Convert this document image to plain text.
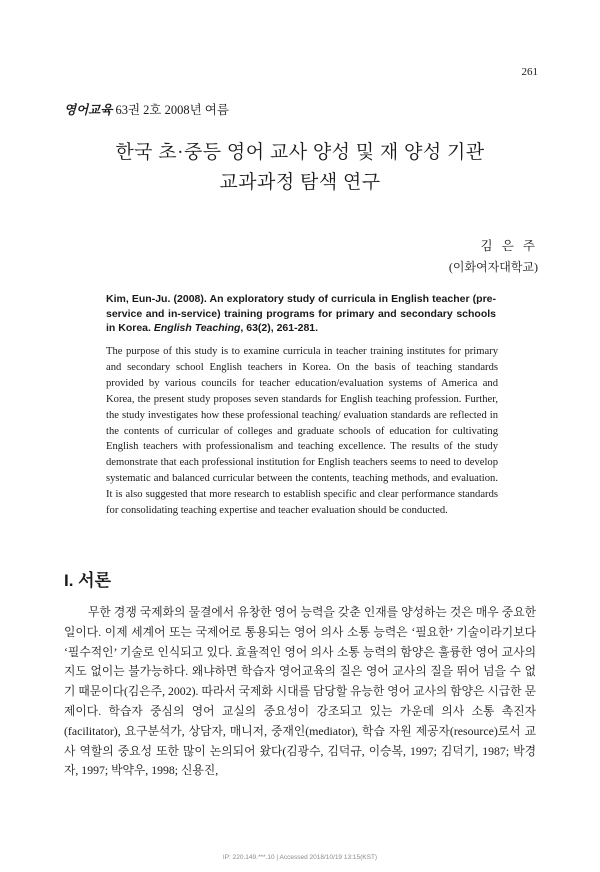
261
영어교육 63권 2호 2008년 여름
한국 초·중등 영어 교사 양성 및 재 양성 기관
교과과정 탐색 연구
김 은 주
(이화여자대학교)
Kim, Eun-Ju. (2008). An exploratory study of curricula in English teacher (pre-service and in-service) training programs for primary and secondary schools in Korea. English Teaching, 63(2), 261-281.
The purpose of this study is to examine curricula in teacher training institutes for primary and secondary school English teachers in Korea. On the basis of teaching standards provided by various councils for teacher education/evaluation systems of America and Korea, the present study proposes seven standards for English teaching profession. Further, the study investigates how these professional teaching/ evaluation standards are reflected in the contents of curricular of colleges and graduate schools of education for cultivating English teachers with professionalism and teaching excellence. The results of the study demonstrate that each professional institution for English teachers seems to need to develop systematic and balanced curricular between the contents, teaching methods, and evaluation. It is also suggested that more research to establish specific and clear performance standards for consolidating teaching expertise and teacher evaluation should be conducted.
I. 서론
무한 경쟁 국제화의 물결에서 유창한 영어 능력을 갖춘 인재를 양성하는 것은 매우 중요한 일이다. 이제 세계어 또는 국제어로 통용되는 영어 의사 소통 능력은 ‘필요한’ 기술이라기보다 ‘필수적인’ 기술로 인식되고 있다. 효율적인 영어 의사 소통 능력의 함양은 훌륭한 영어 교사의 지도 없이는 불가능하다. 왜냐하면 학습자 영어교육의 질은 영어 교사의 질을 뛰어 넘을 수 없기 때문이다(김은주, 2002). 따라서 국제화 시대를 담당할 유능한 영어 교사의 함양은 시급한 문제이다. 학습자 중심의 영어 교실의 중요성이 강조되고 있는 가운데 의사 소통 촉진자(facilitator), 요구분석가, 상담자, 매니저, 중재인(mediator), 학습 자원 제공자(resource)로서 교사 역할의 중요성 또한 많이 논의되어 왔다(김광수, 김덕규, 이승복, 1997; 김덕기, 1987; 박경자, 1997; 박약우, 1998; 신용진,
IP: 220.149.***.10 | Accessed 2018/10/19 13:15(KST)
